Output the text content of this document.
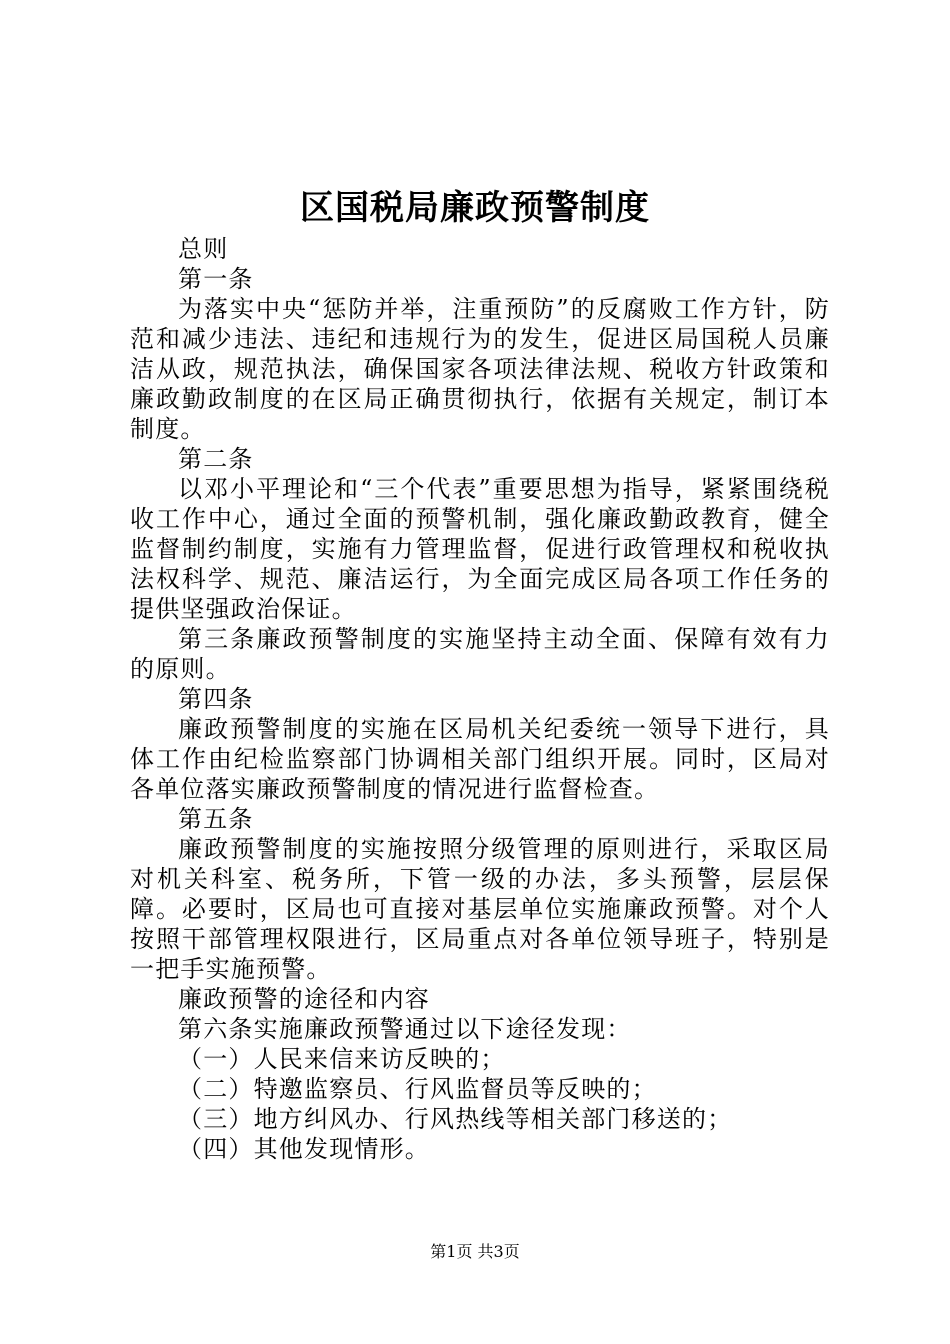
区国税局廉政预警制度

总则

第一条

为落实中央“惩防并举，注重预防”的反腐败工作方针，防范和减少违法、违纪和违规行为的发生，促进区局国税人员廉洁从政，规范执法，确保国家各项法律法规、税收方针政策和廉政勤政制度的在区局正确贯彻执行，依据有关规定，制订本制度。

第二条

以邓小平理论和“三个代表”重要思想为指导，紧紧围绕税收工作中心，通过全面的预警机制，强化廉政勤政教育，健全监督制约制度，实施有力管理监督，促进行政管理权和税收执法权科学、规范、廉洁运行，为全面完成区局各项工作任务的提供坚强政治保证。

第三条廉政预警制度的实施坚持主动全面、保障有效有力的原则。

第四条

廉政预警制度的实施在区局机关纪委统一领导下进行，具体工作由纪检监察部门协调相关部门组织开展。同时，区局对各单位落实廉政预警制度的情况进行监督检查。

第五条

廉政预警制度的实施按照分级管理的原则进行，采取区局对机关科室、税务所，下管一级的办法，多头预警，层层保障。必要时，区局也可直接对基层单位实施廉政预警。对个人按照干部管理权限进行，区局重点对各单位领导班子，特别是一把手实施预警。

廉政预警的途径和内容

第六条实施廉政预警通过以下途径发现：

（一）人民来信来访反映的；

（二）特邀监察员、行风监督员等反映的；

（三）地方纠风办、行风热线等相关部门移送的；

（四）其他发现情形。

第1页 共3页
